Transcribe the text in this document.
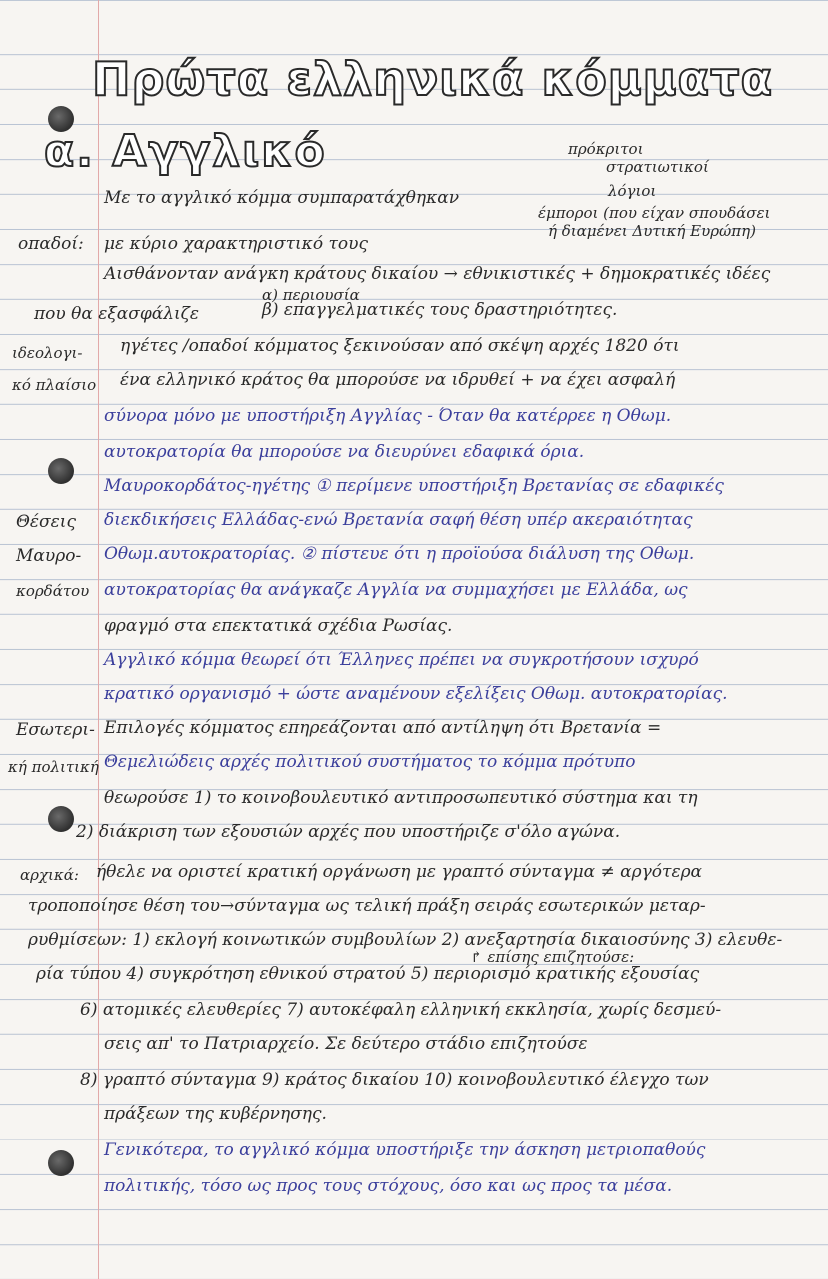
Πρώτα ελληνικά κόμματα
α. Αγγλικό	πρόκριτοι
στρατιωτικοί
λόγιοι
έμποροι (που είχαν σπουδάσει
ή διαμένει Δυτική Ευρώπη)
Με το αγγλικό κόμμα συμπαρατάχθηκαν
οπαδοί: με κύριο χαρακτηριστικό τους
Αισθάνονταν ανάγκη κράτους δικαίου → εθνικιστικές + δημοκρατικές ιδέες
που θα εξασφάλιζε
α) περιουσία
β) επαγγελματικές τους δραστηριότητες.
ιδεολογι-
κό πλαίσιο
ηγέτες /οπαδοί κόμματος ξεκινούσαν από σκέψη αρχές 1820 ότι
ένα ελληνικό κράτος θα μπορούσε να ιδρυθεί + να έχει ασφαλή
σύνορα μόνο με υποστήριξη Αγγλίας - Όταν θα κατέρρεε η Οθωμ.
αυτοκρατορία θα μπορούσε να διευρύνει εδαφικά όρια.
Μαυροκορδάτος-ηγέτης ① περίμενε υποστήριξη Βρετανίας σε εδαφικές
Θέσεις διεκδικήσεις Ελλάδας-ενώ Βρετανία σαφή θέση υπέρ ακεραιότητας
Μαυρο- Οθωμ.αυτοκρατορίας. ② πίστευε ότι η προϊούσα διάλυση της Οθωμ.
κορδάτου αυτοκρατορίας θα ανάγκαζε Αγγλία να συμμαχήσει με Ελλάδα, ως
φραγμό στα επεκτατικά σχέδια Ρωσίας.
Αγγλικό κόμμα θεωρεί ότι Έλληνες πρέπει να συγκροτήσουν ισχυρό
κρατικό οργανισμό + ώστε αναμένουν εξελίξεις Οθωμ. αυτοκρατορίας.
Εσωτερι- Επιλογές κόμματος επηρεάζονται από αντίληψη ότι Βρετανία =
κή πολιτική Θεμελιώδεις αρχές πολιτικού συστήματος το κόμμα πρότυπο
θεωρούσε 1) το κοινοβουλευτικό αντιπροσωπευτικό σύστημα και τη
2) διάκριση των εξουσιών αρχές που υποστήριζε σ'όλο αγώνα.
αρχικά: ήθελε να οριστεί κρατική οργάνωση με γραπτό σύνταγμα ≠ αργότερα
τροποποίησε θέση του→σύνταγμα ως τελική πράξη σειράς εσωτερικών μεταρ-
ρυθμίσεων: 1) εκλογή κοινωτικών συμβουλίων 2) ανεξαρτησία δικαιοσύνης 3) ελευθε-
↱ επίσης επιζητούσε:
ρία τύπου 4) συγκρότηση εθνικού στρατού 5) περιορισμό κρατικής εξουσίας
6) ατομικές ελευθερίες 7) αυτοκέφαλη ελληνική εκκλησία, χωρίς δεσμεύ-
σεις απ' το Πατριαρχείο. Σε δεύτερο στάδιο επιζητούσε
8) γραπτό σύνταγμα 9) κράτος δικαίου 10) κοινοβουλευτικό έλεγχο των
πράξεων της κυβέρνησης.
Γενικότερα, το αγγλικό κόμμα υποστήριξε την άσκηση μετριοπαθούς
πολιτικής, τόσο ως προς τους στόχους, όσο και ως προς τα μέσα.
